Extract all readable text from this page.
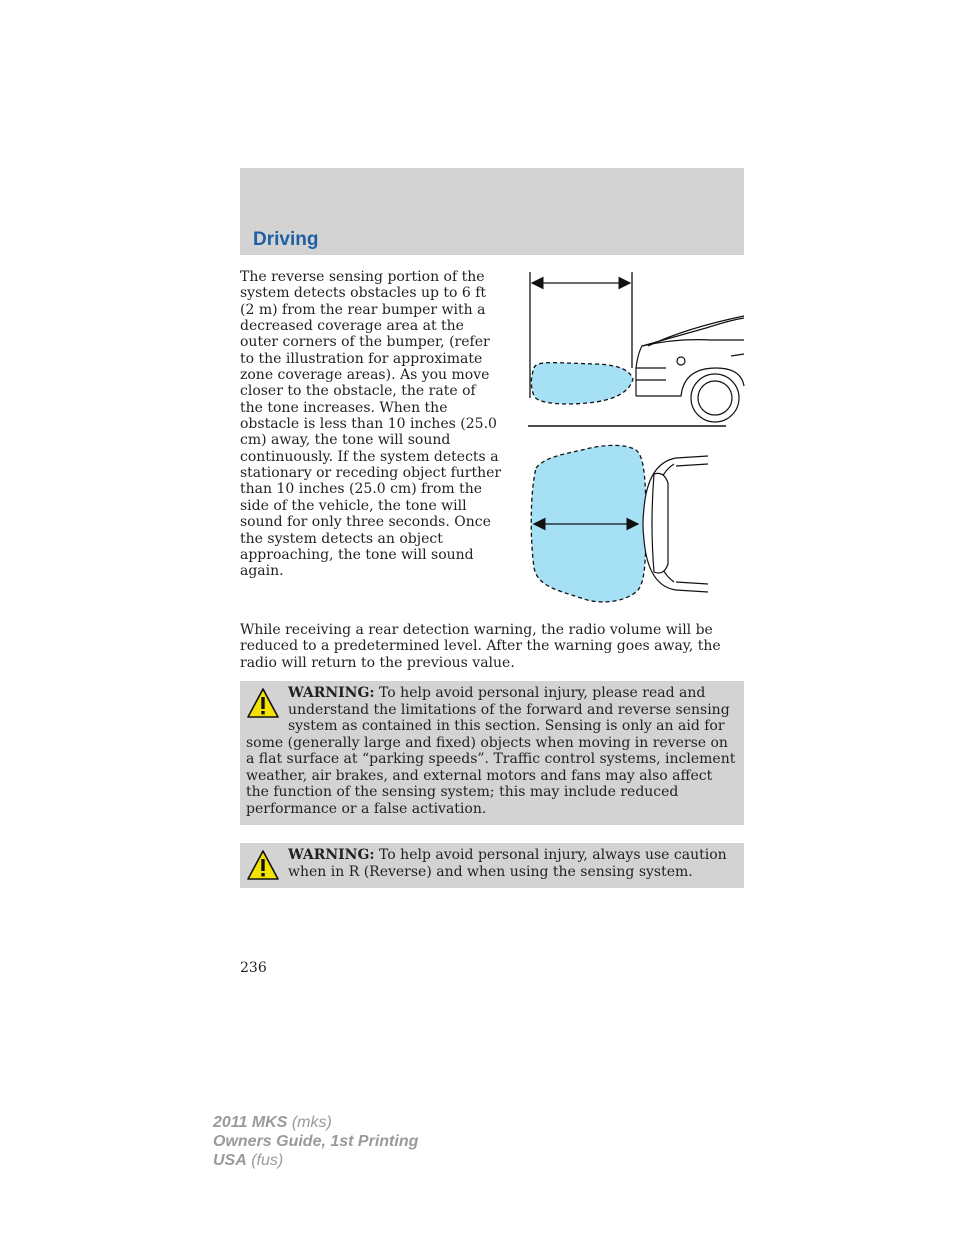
Driving

The reverse sensing portion of the system detects obstacles up to 6 ft (2 m) from the rear bumper with a decreased coverage area at the outer corners of the bumper, (refer to the illustration for approximate zone coverage areas). As you move closer to the obstacle, the rate of the tone increases. When the obstacle is less than 10 inches (25.0 cm) away, the tone will sound continuously. If the system detects a stationary or receding object further than 10 inches (25.0 cm) from the side of the vehicle, the tone will sound for only three seconds. Once the system detects an object approaching, the tone will sound again.

While receiving a rear detection warning, the radio volume will be reduced to a predetermined level. After the warning goes away, the radio will return to the previous value.

WARNING: To help avoid personal injury, please read and understand the limitations of the forward and reverse sensing system as contained in this section. Sensing is only an aid for some (generally large and fixed) objects when moving in reverse on a flat surface at “parking speeds”. Traffic control systems, inclement weather, air brakes, and external motors and fans may also affect the function of the sensing system; this may include reduced performance or a false activation.
WARNING: To help avoid personal injury, always use caution when in R (Reverse) and when using the sensing system.

236

2011 MKS (mks)
Owners Guide, 1st Printing
USA (fus)
